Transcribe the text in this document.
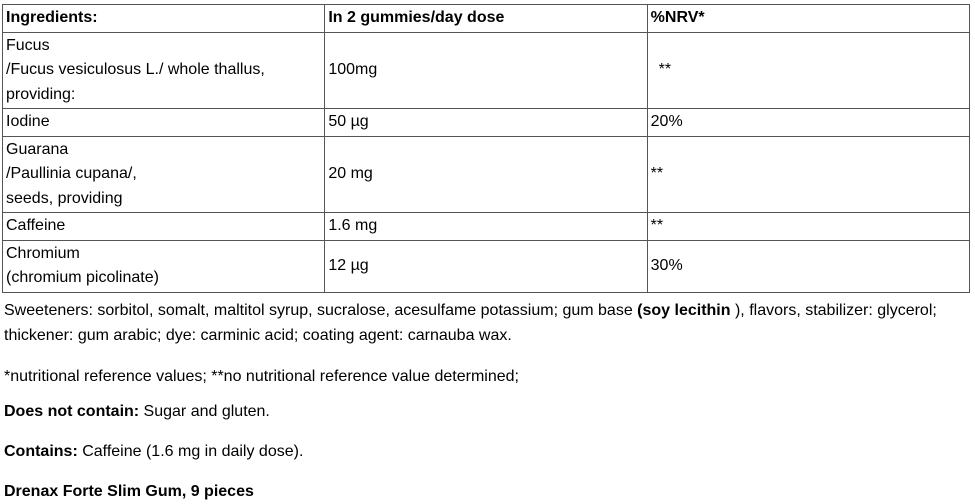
Ingredients:	In 2 gummies/day dose	%NRV*

Fucus
/Fucus vesiculosus L./ whole thallus,
providing:	100mg	**

Iodine	50 µg	20%

Guarana
/Paullinia cupana/,
seeds, providing	20 mg	**

Caffeine	1.6 mg	**

Chromium
(chromium picolinate)	12 µg	30%
Sweeteners: sorbitol, somalt, maltitol syrup, sucralose, acesulfame potassium; gum base (soy lecithin ), flavors, stabilizer: glycerol; thickener: gum arabic; dye: carminic acid; coating agent: carnauba wax.
*nutritional reference values; **no nutritional reference value determined;
Does not contain: Sugar and gluten.
Contains: Caffeine (1.6 mg in daily dose).
Drenax Forte Slim Gum, 9 pieces
